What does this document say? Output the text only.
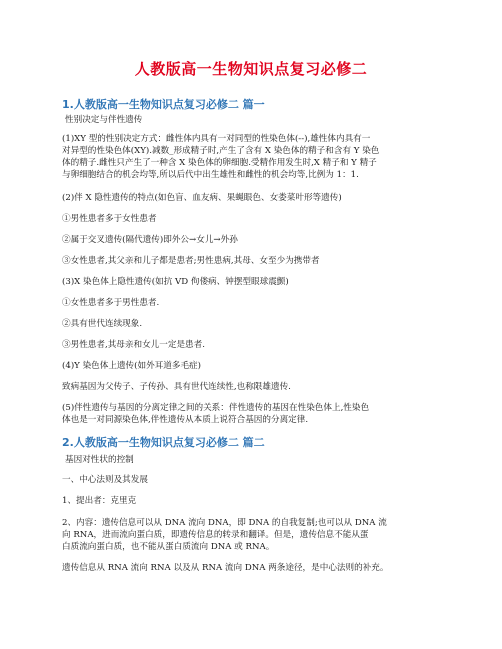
人教版高一生物知识点复习必修二
1.人教版高一生物知识点复习必修二 篇一
性别决定与伴性遗传
(1)XY 型的性别决定方式：雌性体内具有一对同型的性染色体(--),雄性体内具有一
对异型的性染色体(XY).减数_形成精子时,产生了含有 X 染色体的精子和含有 Y 染色
体的精子.雌性只产生了一种含 X 染色体的卵细胞.受精作用发生时,X 精子和 Y 精子
与卵细胞结合的机会均等,所以后代中出生雄性和雌性的机会均等,比例为 1：1.
(2)伴 X 隐性遗传的特点(如色盲、血友病、果蝇眼色、女娄菜叶形等遗传)
①男性患者多于女性患者
②属于交叉遗传(隔代遗传)即外公→女儿→外孙
③女性患者,其父亲和儿子都是患者;男性患病,其母、女至少为携带者
(3)X 染色体上隐性遗传(如抗 VD 佝偻病、钟摆型眼球震颤)
①女性患者多于男性患者.
②具有世代连续现象.
③男性患者,其母亲和女儿一定是患者.
(4)Y 染色体上遗传(如外耳道多毛症)
致病基因为父传子、子传孙、具有世代连续性,也称限雄遗传.
(5)伴性遗传与基因的分离定律之间的关系：伴性遗传的基因在性染色体上,性染色
体也是一对同源染色体,伴性遗传从本质上说符合基因的分离定律.
2.人教版高一生物知识点复习必修二 篇二
基因对性状的控制
一、中心法则及其发展
1、提出者：克里克
2、内容：遗传信息可以从 DNA 流向 DNA，即 DNA 的自我复制;也可以从 DNA 流
向 RNA，进而流向蛋白质，即遗传信息的转录和翻译。但是，遗传信息不能从蛋
白质流向蛋白质，也不能从蛋白质流向 DNA 或 RNA。
遗传信息从 RNA 流向 RNA 以及从 RNA 流向 DNA 两条途径，是中心法则的补充。
